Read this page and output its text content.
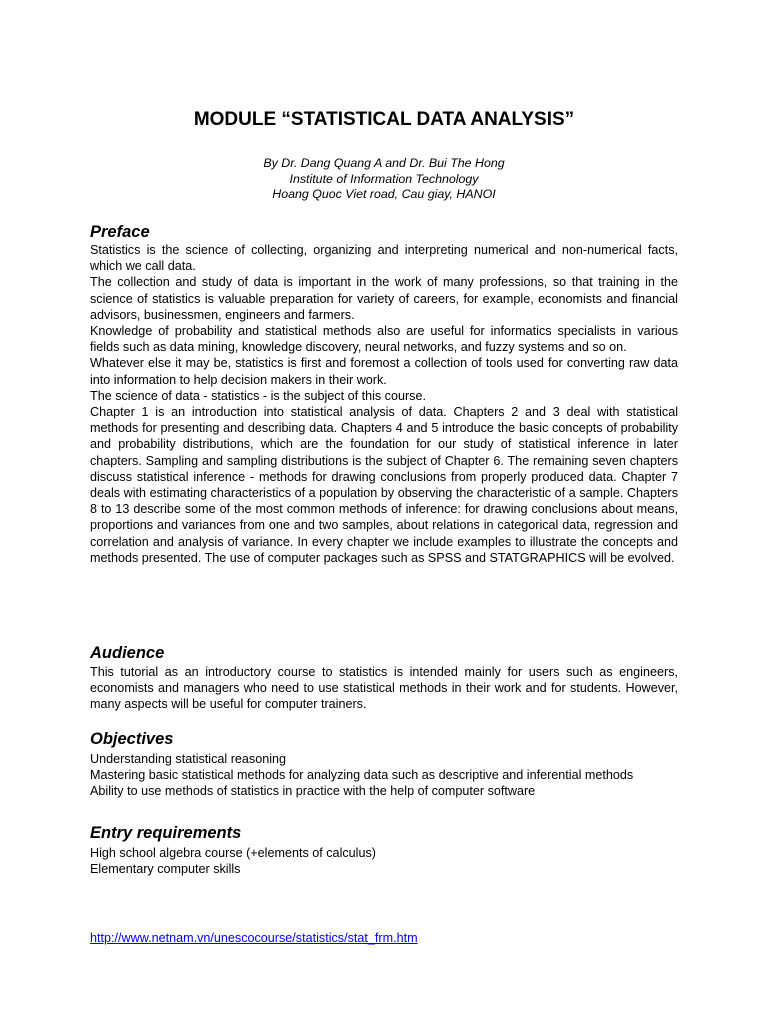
MODULE “STATISTICAL DATA ANALYSIS”
By Dr. Dang Quang A and Dr. Bui The Hong
Institute of Information Technology
Hoang Quoc Viet road, Cau giay, HANOI
Preface

Statistics is the science of collecting, organizing and interpreting numerical and non-numerical facts, which we call data.

The collection and study of data is important in the work of many professions, so that training in the science of statistics is valuable preparation for variety of careers, for example, economists and financial advisors, businessmen, engineers and farmers.

Knowledge of probability and statistical methods also are useful for informatics specialists in various fields such as data mining, knowledge discovery, neural networks, and fuzzy systems and so on.

Whatever else it may be, statistics is first and foremost a collection of tools used for converting raw data into information to help decision makers in their work.

The science of data - statistics - is the subject of this course.

Chapter 1 is an introduction into statistical analysis of data. Chapters 2 and 3 deal with statistical methods for presenting and describing data. Chapters 4 and 5 introduce the basic concepts of probability and probability distributions, which are the foundation for our study of statistical inference in later chapters. Sampling and sampling distributions is the subject of Chapter 6. The remaining seven chapters discuss statistical inference - methods for drawing conclusions from properly produced data. Chapter 7 deals with estimating characteristics of a population by observing the characteristic of a sample. Chapters 8 to 13 describe some of the most common methods of inference: for drawing conclusions about means, proportions and variances from one and two samples, about relations in categorical data, regression and correlation and analysis of variance. In every chapter we include examples to illustrate the concepts and methods presented. The use of computer packages such as SPSS and STATGRAPHICS will be evolved.

Audience

This tutorial as an introductory course to statistics is intended mainly for users such as engineers, economists and managers who need to use statistical methods in their work and for students. However, many aspects will be useful for computer trainers.

Objectives

Understanding statistical reasoning

Mastering basic statistical methods for analyzing data such as descriptive and inferential methods

Ability to use methods of statistics in practice with the help of computer software

Entry requirements

High school algebra course (+elements of calculus)

Elementary computer skills

http://www.netnam.vn/unescocourse/statistics/stat_frm.htm
